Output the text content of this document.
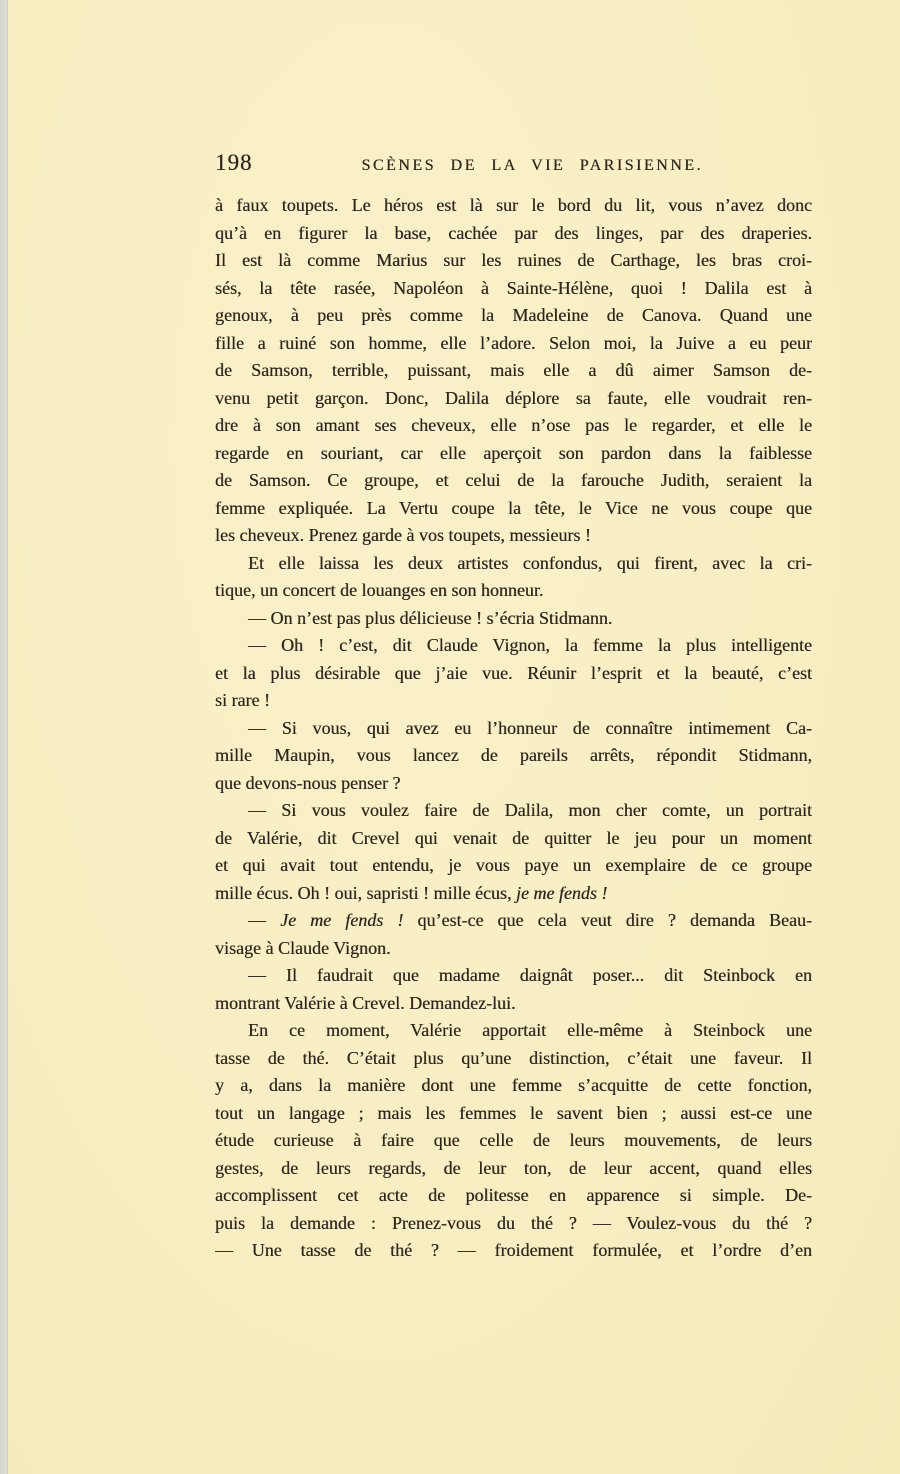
198	SCÈNES DE LA VIE PARISIENNE.
à faux toupets. Le héros est là sur le bord du lit, vous n’avez donc
qu’à en figurer la base, cachée par des linges, par des draperies.
Il est là comme Marius sur les ruines de Carthage, les bras croi-
sés, la tête rasée, Napoléon à Sainte-Hélène, quoi ! Dalila est à
genoux, à peu près comme la Madeleine de Canova. Quand une
fille a ruiné son homme, elle l’adore. Selon moi, la Juive a eu peur
de Samson, terrible, puissant, mais elle a dû aimer Samson de-
venu petit garçon. Donc, Dalila déplore sa faute, elle voudrait ren-
dre à son amant ses cheveux, elle n’ose pas le regarder, et elle le
regarde en souriant, car elle aperçoit son pardon dans la faiblesse
de Samson. Ce groupe, et celui de la farouche Judith, seraient la
femme expliquée. La Vertu coupe la tête, le Vice ne vous coupe que
les cheveux. Prenez garde à vos toupets, messieurs !
Et elle laissa les deux artistes confondus, qui firent, avec la cri-
tique, un concert de louanges en son honneur.
— On n’est pas plus délicieuse ! s’écria Stidmann.
— Oh ! c’est, dit Claude Vignon, la femme la plus intelligente
et la plus désirable que j’aie vue. Réunir l’esprit et la beauté, c’est
si rare !
— Si vous, qui avez eu l’honneur de connaître intimement Ca-
mille Maupin, vous lancez de pareils arrêts, répondit Stidmann,
que devons-nous penser ?
— Si vous voulez faire de Dalila, mon cher comte, un portrait
de Valérie, dit Crevel qui venait de quitter le jeu pour un moment
et qui avait tout entendu, je vous paye un exemplaire de ce groupe
mille écus. Oh ! oui, sapristi ! mille écus, je me fends !
— Je me fends ! qu’est-ce que cela veut dire ? demanda Beau-
visage à Claude Vignon.
— Il faudrait que madame daignât poser... dit Steinbock en
montrant Valérie à Crevel. Demandez-lui.
En ce moment, Valérie apportait elle-même à Steinbock une
tasse de thé. C’était plus qu’une distinction, c’était une faveur. Il
y a, dans la manière dont une femme s’acquitte de cette fonction,
tout un langage ; mais les femmes le savent bien ; aussi est-ce une
étude curieuse à faire que celle de leurs mouvements, de leurs
gestes, de leurs regards, de leur ton, de leur accent, quand elles
accomplissent cet acte de politesse en apparence si simple. De-
puis la demande : Prenez-vous du thé ? — Voulez-vous du thé ?
— Une tasse de thé ? — froidement formulée, et l’ordre d’en
